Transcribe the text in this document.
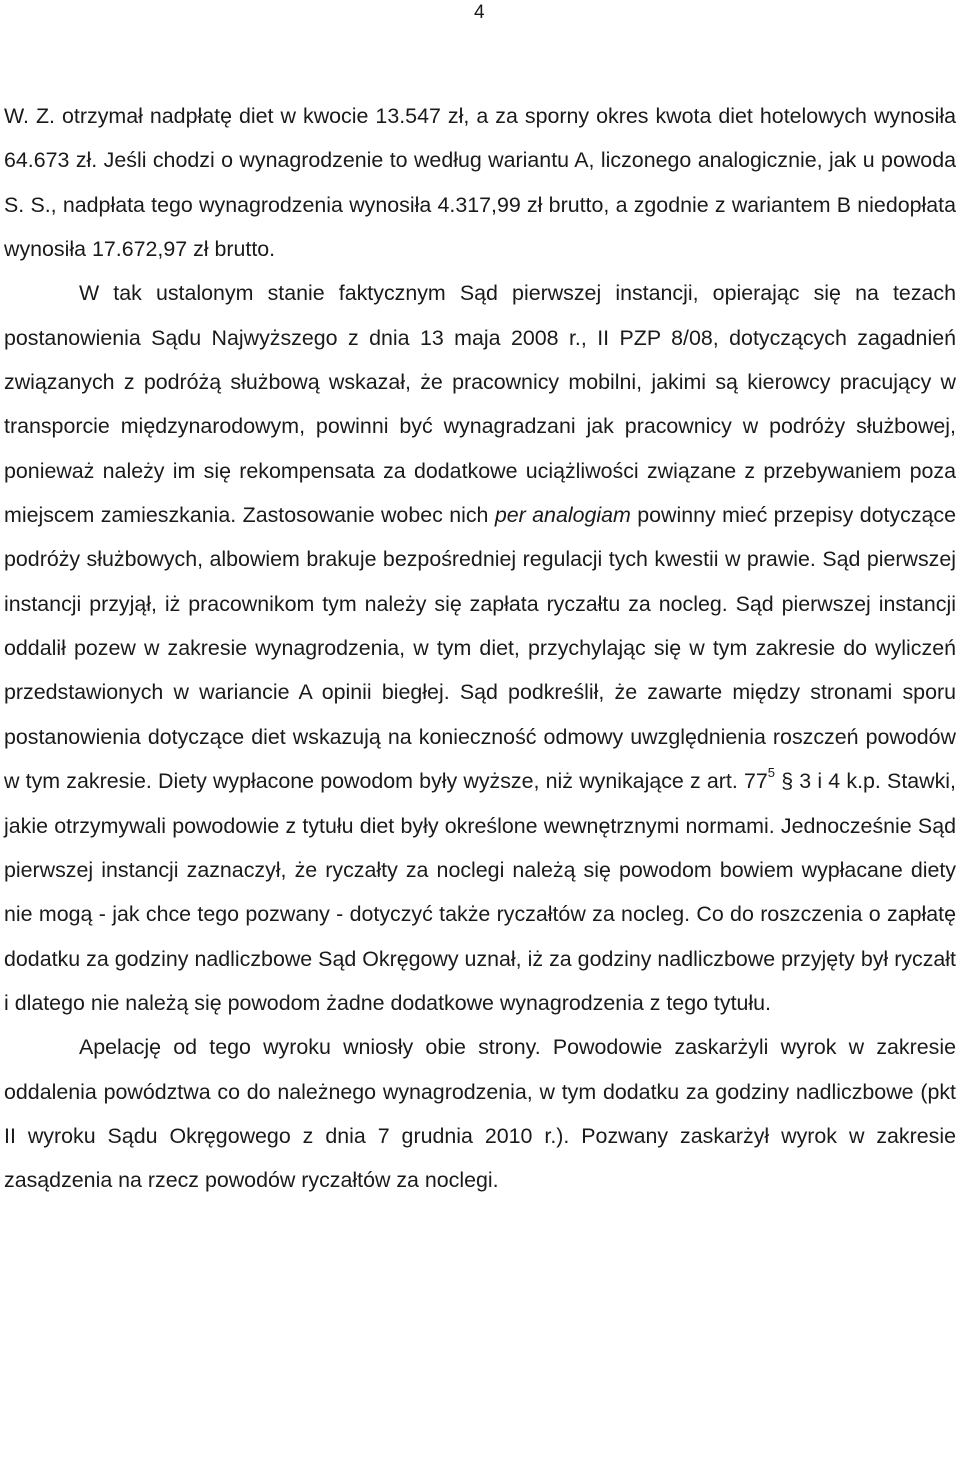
4

W. Z. otrzymał nadpłatę diet w kwocie 13.547 zł, a za sporny okres kwota diet hotelowych wynosiła 64.673 zł. Jeśli chodzi o wynagrodzenie to według wariantu A, liczonego analogicznie, jak u powoda S. S., nadpłata tego wynagrodzenia wynosiła 4.317,99 zł brutto, a zgodnie z wariantem B niedopłata wynosiła 17.672,97 zł brutto.

W tak ustalonym stanie faktycznym Sąd pierwszej instancji, opierając się na tezach postanowienia Sądu Najwyższego z dnia 13 maja 2008 r., II PZP 8/08, dotyczących zagadnień związanych z podróżą służbową wskazał, że pracownicy mobilni, jakimi są kierowcy pracujący w transporcie międzynarodowym, powinni być wynagradzani jak pracownicy w podróży służbowej, ponieważ należy im się rekompensata za dodatkowe uciążliwości związane z przebywaniem poza miejscem zamieszkania. Zastosowanie wobec nich per analogiam powinny mieć przepisy dotyczące podróży służbowych, albowiem brakuje bezpośredniej regulacji tych kwestii w prawie. Sąd pierwszej instancji przyjął, iż pracownikom tym należy się zapłata ryczałtu za nocleg. Sąd pierwszej instancji oddalił pozew w zakresie wynagrodzenia, w tym diet, przychylając się w tym zakresie do wyliczeń przedstawionych w wariancie A opinii biegłej. Sąd podkreślił, że zawarte między stronami sporu postanowienia dotyczące diet wskazują na konieczność odmowy uwzględnienia roszczeń powodów w tym zakresie. Diety wypłacone powodom były wyższe, niż wynikające z art. $77^5$ § 3 i 4 k.p. Stawki, jakie otrzymywali powodowie z tytułu diet były określone wewnętrznymi normami. Jednocześnie Sąd pierwszej instancji zaznaczył, że ryczałty za noclegi należą się powodom bowiem wypłacane diety nie mogą - jak chce tego pozwany - dotyczyć także ryczałtów za nocleg. Co do roszczenia o zapłatę dodatku za godziny nadliczbowe Sąd Okręgowy uznał, iż za godziny nadliczbowe przyjęty był ryczałt i dlatego nie należą się powodom żadne dodatkowe wynagrodzenia z tego tytułu.

Apelację od tego wyroku wniosły obie strony. Powodowie zaskarżyli wyrok w zakresie oddalenia powództwa co do należnego wynagrodzenia, w tym dodatku za godziny nadliczbowe (pkt II wyroku Sądu Okręgowego z dnia 7 grudnia 2010 r.). Pozwany zaskarżył wyrok w zakresie zasądzenia na rzecz powodów ryczałtów za noclegi.
